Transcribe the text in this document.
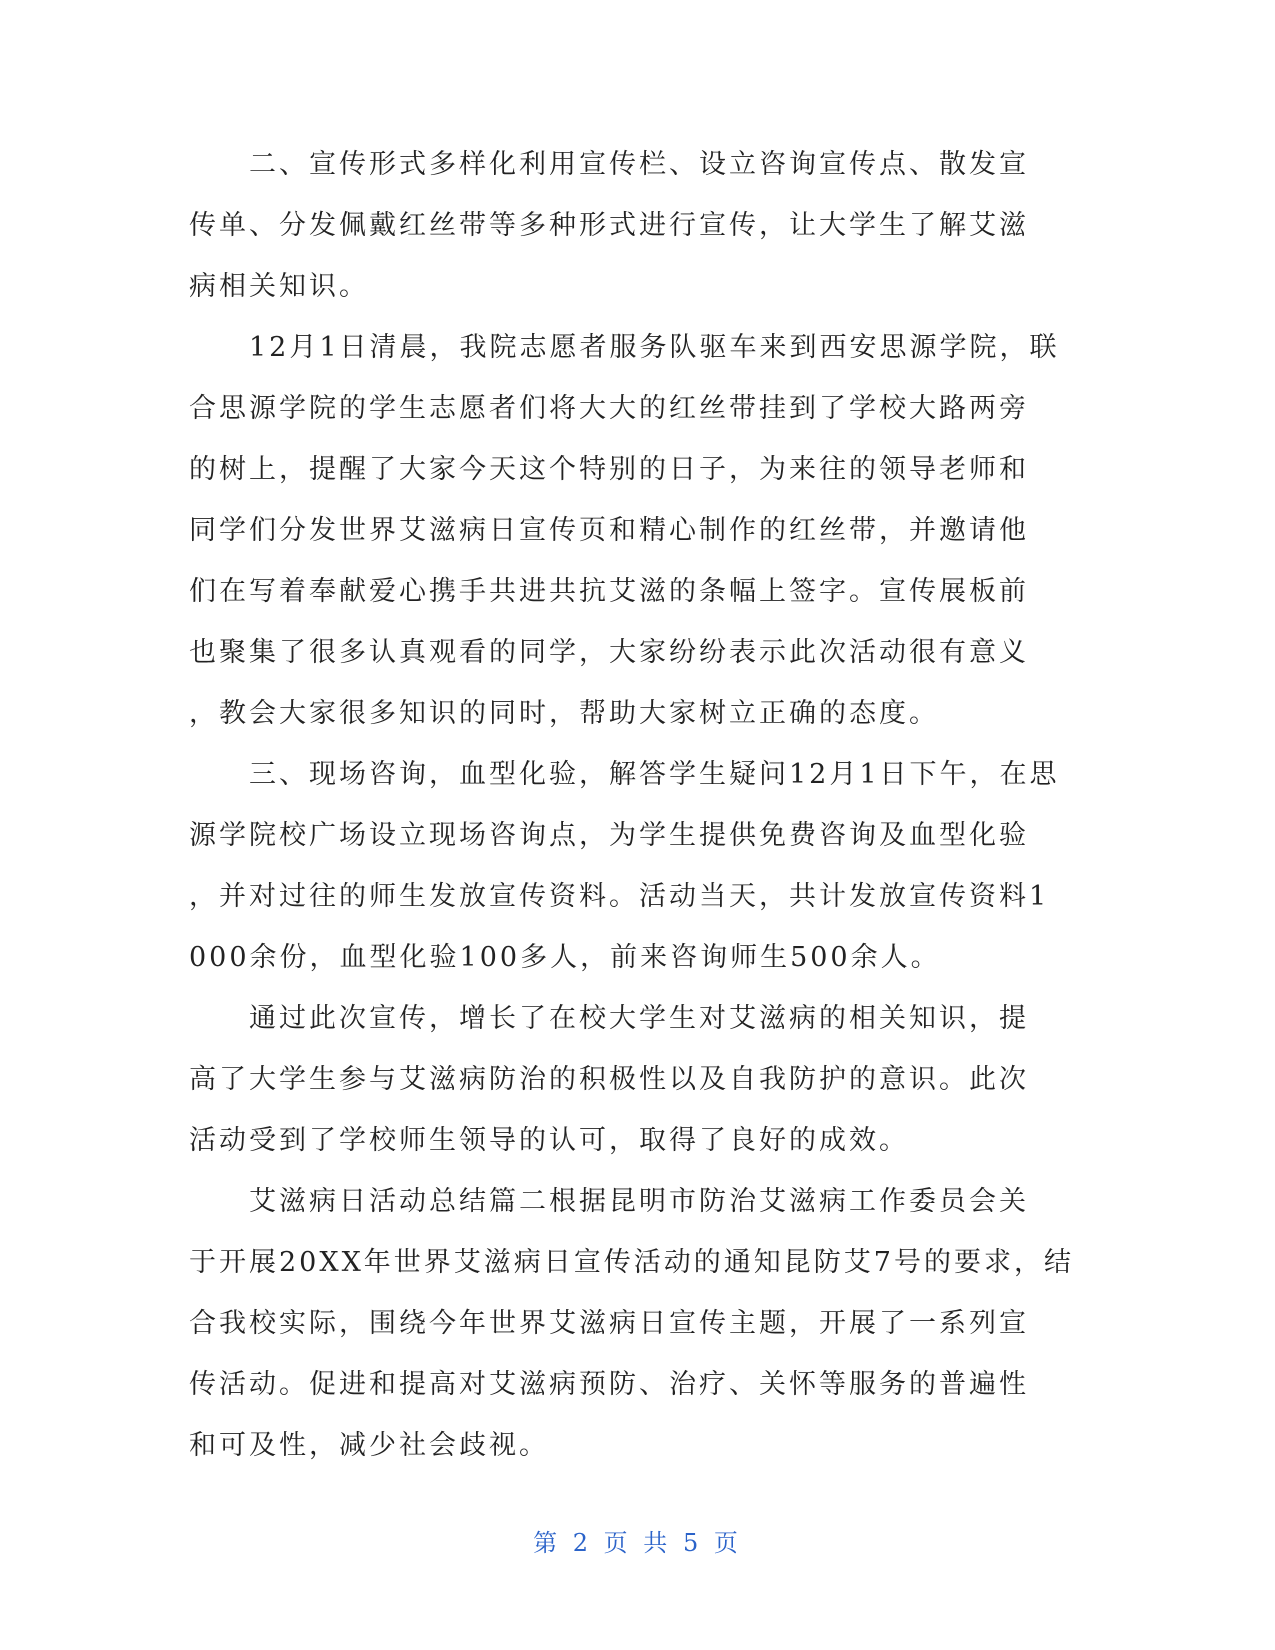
　　二、宣传形式多样化利用宣传栏、设立咨询宣传点、散发宣
传单、分发佩戴红丝带等多种形式进行宣传，让大学生了解艾滋
病相关知识。
　　12月1日清晨，我院志愿者服务队驱车来到西安思源学院，联
合思源学院的学生志愿者们将大大的红丝带挂到了学校大路两旁
的树上，提醒了大家今天这个特别的日子，为来往的领导老师和
同学们分发世界艾滋病日宣传页和精心制作的红丝带，并邀请他
们在写着奉献爱心携手共进共抗艾滋的条幅上签字。宣传展板前
也聚集了很多认真观看的同学，大家纷纷表示此次活动很有意义
，教会大家很多知识的同时，帮助大家树立正确的态度。
　　三、现场咨询，血型化验，解答学生疑问12月1日下午，在思
源学院校广场设立现场咨询点，为学生提供免费咨询及血型化验
，并对过往的师生发放宣传资料。活动当天，共计发放宣传资料1
000余份，血型化验100多人，前来咨询师生500余人。
　　通过此次宣传，增长了在校大学生对艾滋病的相关知识，提
高了大学生参与艾滋病防治的积极性以及自我防护的意识。此次
活动受到了学校师生领导的认可，取得了良好的成效。
　　艾滋病日活动总结篇二根据昆明市防治艾滋病工作委员会关
于开展20XX年世界艾滋病日宣传活动的通知昆防艾7号的要求，结
合我校实际，围绕今年世界艾滋病日宣传主题，开展了一系列宣
传活动。促进和提高对艾滋病预防、治疗、关怀等服务的普遍性
和可及性，减少社会歧视。
第 2 页 共 5 页
